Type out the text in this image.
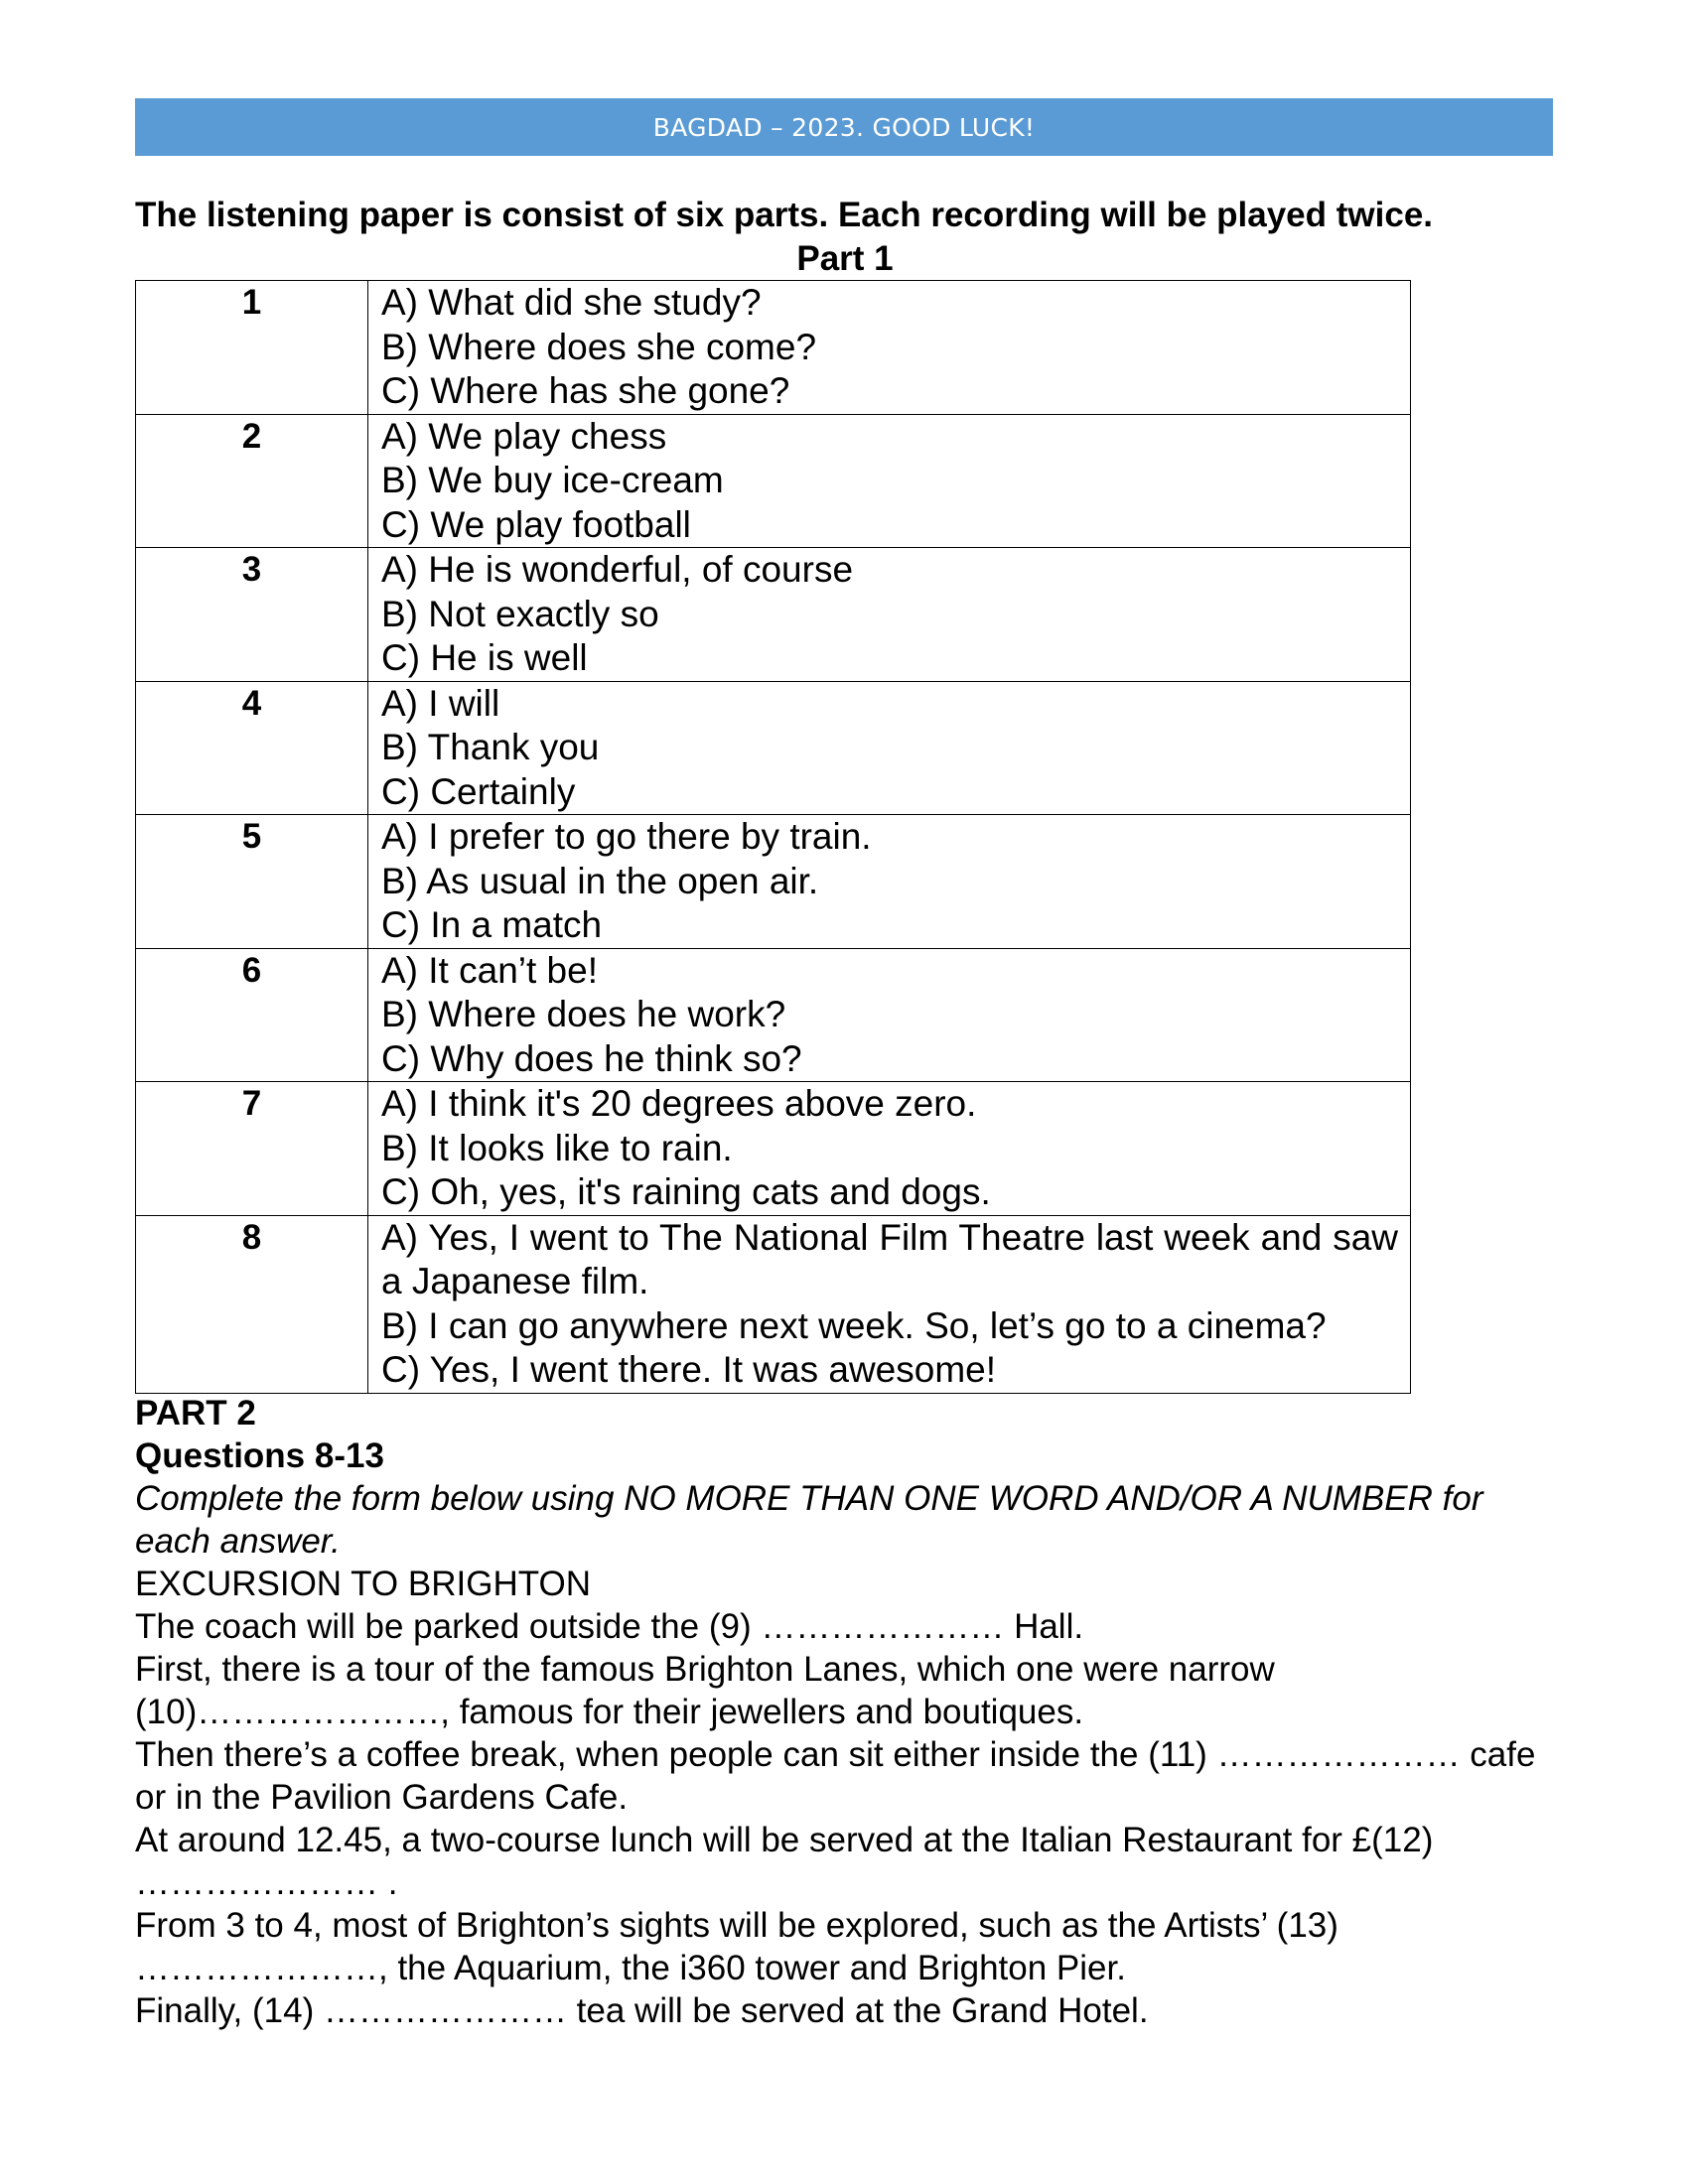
BAGDAD – 2023. GOOD LUCK!
The listening paper is consist of six parts. Each recording will be played twice.
Part 1
1	A) What did she study?
B) Where does she come?
C) Where has she gone?

2	A) We play chess
B) We buy ice-cream
C) We play football

3	A) He is wonderful, of course
B) Not exactly so
C) He is well

4	A) I will
B) Thank you
C) Certainly

5	A) I prefer to go there by train.
B) As usual in the open air.
C) In a match

6	A) It can’t be!
B) Where does he work?
C) Why does he think so?

7	A) I think it's 20 degrees above zero.
B) It looks like to rain.
C) Oh, yes, it's raining cats and dogs.

8	A) Yes, I went to The National Film Theatre last week and saw a Japanese film.
B) I can go anywhere next week. So, let’s go to a cinema?
C) Yes, I went there. It was awesome!
PART 2
Questions 8-13
Complete the form below using NO MORE THAN ONE WORD AND/OR A NUMBER for each answer.
EXCURSION TO BRIGHTON
The coach will be parked outside the (9) ………………… Hall.
First, there is a tour of the famous Brighton Lanes, which one were narrow (10)…………………, famous for their jewellers and boutiques.
Then there’s a coffee break, when people can sit either inside the (11) ………………… cafe or in the Pavilion Gardens Cafe.
At around 12.45, a two-course lunch will be served at the Italian Restaurant for £(12) ………………… .
From 3 to 4, most of Brighton’s sights will be explored, such as the Artists’ (13) …………………, the Aquarium, the i360 tower and Brighton Pier.
Finally, (14) ………………… tea will be served at the Grand Hotel.
